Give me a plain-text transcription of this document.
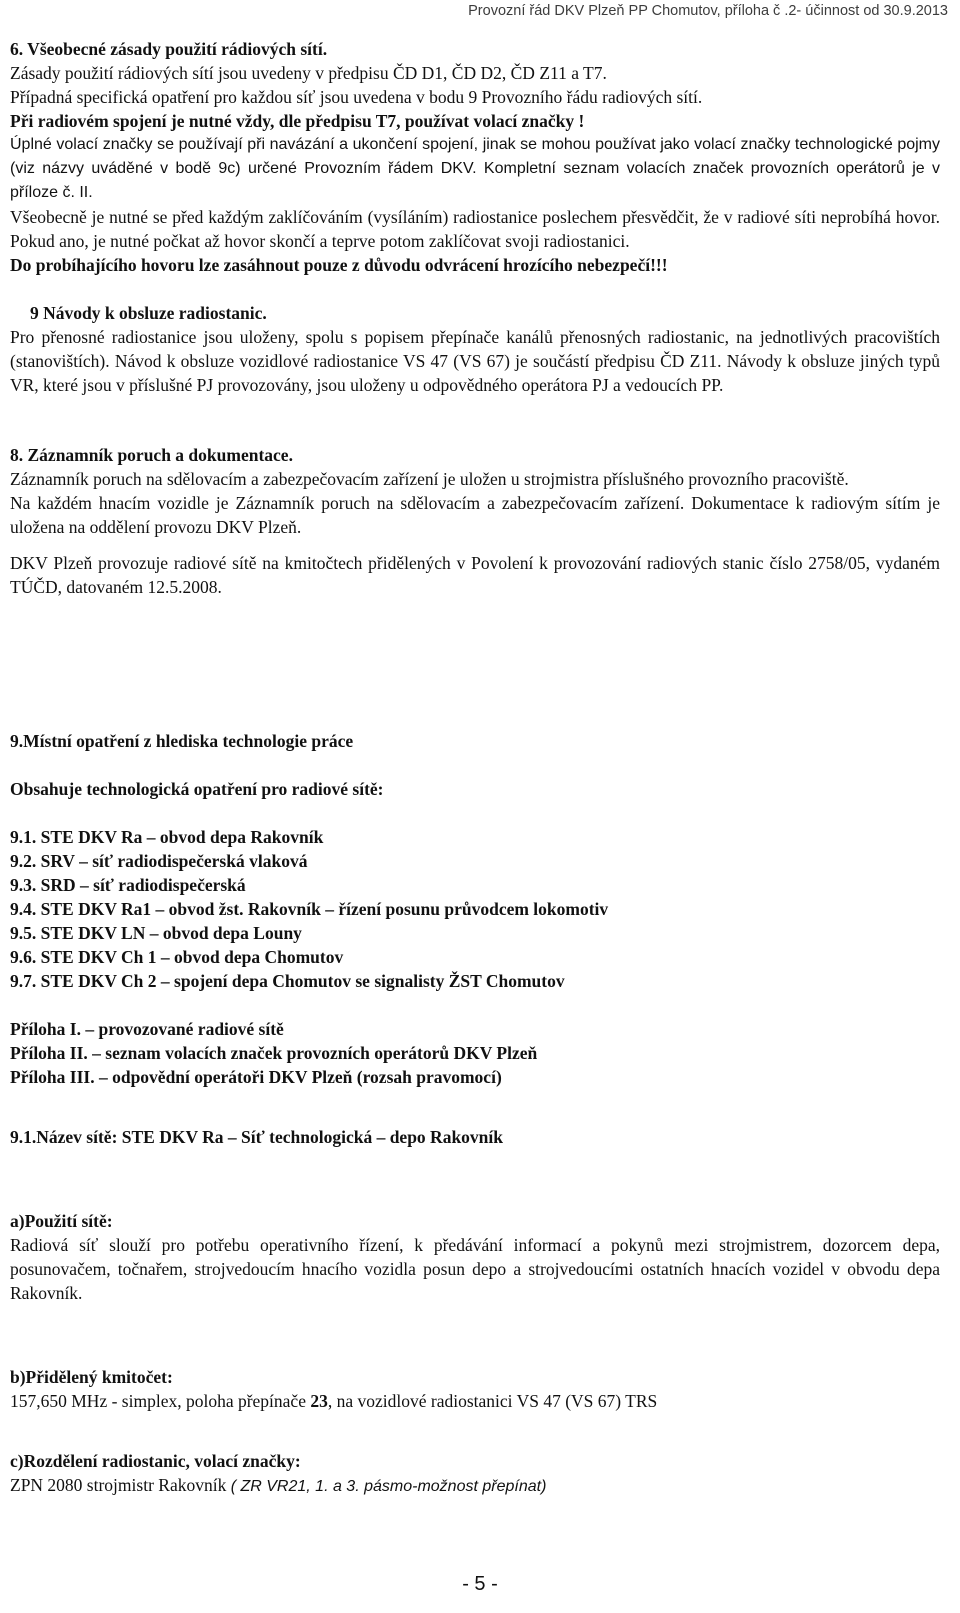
Provozní řád DKV Plzeň PP Chomutov, příloha č .2- účinnost od 30.9.2013

6. Všeobecné zásady použití rádiových sítí.

Zásady použití rádiových sítí jsou uvedeny v předpisu ČD D1, ČD D2, ČD Z11 a T7.

Případná specifická opatření pro každou síť jsou uvedena v bodu 9 Provozního řádu radiových sítí.

Při radiovém spojení je nutné vždy, dle předpisu T7, používat volací značky !

Úplné volací značky se používají při navázání a ukončení spojení, jinak se mohou používat jako volací značky technologické pojmy (viz názvy uváděné v bodě 9c) určené Provozním řádem DKV. Kompletní seznam volacích značek provozních operátorů je v příloze č. II.

Všeobecně je nutné se před každým zaklíčováním (vysíláním) radiostanice poslechem přesvědčit, že v radiové síti neprobíhá hovor. Pokud ano, je nutné počkat až hovor skončí a teprve potom zaklíčovat svoji radiostanici.

Do probíhajícího hovoru lze zasáhnout pouze z důvodu odvrácení hrozícího nebezpečí!!!

9 Návody k obsluze radiostanic.

Pro přenosné radiostanice jsou uloženy, spolu s popisem přepínače kanálů přenosných radiostanic, na jednotlivých pracovištích (stanovištích). Návod k obsluze vozidlové radiostanice VS 47 (VS 67) je součástí předpisu ČD Z11. Návody k obsluze jiných typů VR, které jsou v příslušné PJ provozovány, jsou uloženy u odpovědného operátora PJ a vedoucích PP.

8. Záznamník poruch a dokumentace.

Záznamník poruch na sdělovacím a zabezpečovacím zařízení je uložen u strojmistra příslušného provozního pracoviště.

Na každém hnacím vozidle je Záznamník poruch na sdělovacím a zabezpečovacím zařízení. Dokumentace k radiovým sítím je uložena na oddělení provozu DKV Plzeň.

DKV Plzeň provozuje radiové sítě na kmitočtech přidělených v Povolení k provozování radiových stanic číslo 2758/05, vydaném TÚČD, datovaném 12.5.2008.

9.Místní opatření z hlediska technologie práce

Obsahuje technologická opatření pro radiové sítě:

9.1. STE DKV Ra – obvod depa Rakovník

9.2. SRV – síť radiodispečerská vlaková

9.3. SRD – síť radiodispečerská

9.4. STE DKV Ra1 – obvod žst. Rakovník – řízení posunu průvodcem lokomotiv

9.5. STE DKV LN – obvod depa Louny

9.6. STE DKV Ch 1 – obvod depa Chomutov

9.7. STE DKV Ch 2 – spojení depa Chomutov se signalisty ŽST Chomutov

Příloha I. – provozované radiové sítě

Příloha II. – seznam volacích značek provozních operátorů DKV Plzeň

Příloha III. – odpovědní operátoři DKV Plzeň (rozsah pravomocí)

9.1.Název sítě: STE DKV Ra – Síť technologická – depo Rakovník

a)Použití sítě:

Radiová síť slouží pro potřebu operativního řízení, k předávání informací a pokynů mezi strojmistrem, dozorcem depa, posunovačem, točnařem, strojvedoucím hnacího vozidla posun depo a strojvedoucími ostatních hnacích vozidel v obvodu depa Rakovník.

b)Přidělený kmitočet:

157,650 MHz - simplex, poloha přepínače 23, na vozidlové radiostanici VS 47 (VS 67) TRS

c)Rozdělení radiostanic, volací značky:

ZPN 2080 strojmistr Rakovník ( ZR VR21, 1. a 3. pásmo-možnost přepínat)

- 5 -
